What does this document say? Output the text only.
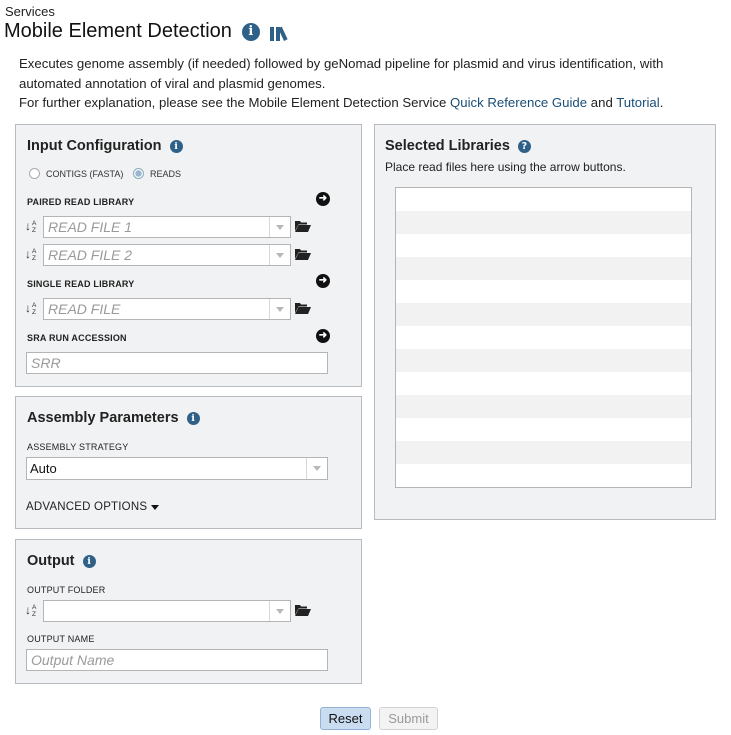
Services
Mobile Element Detection	i
Executes genome assembly (if needed) followed by geNomad pipeline for plasmid and virus identification, with automated annotation of viral and plasmid genomes.
For further explanation, please see the Mobile Element Detection Service Quick Reference Guide and Tutorial.
Input Configuration	i
CONTIGS (FASTA)	READS
PAIRED READ LIBRARY	➜
↓ A
Z READ FILE 1
↓ A
Z READ FILE 2
SINGLE READ LIBRARY	➜
↓ A
Z READ FILE
SRA RUN ACCESSION	➜
SRR
Assembly Parameters	i
ASSEMBLY STRATEGY
Auto
ADVANCED OPTIONS
Output	i
OUTPUT FOLDER
↓ A
Z
OUTPUT NAME
Output Name
Selected Libraries	?
Place read files here using the arrow buttons.
Reset	Submit
